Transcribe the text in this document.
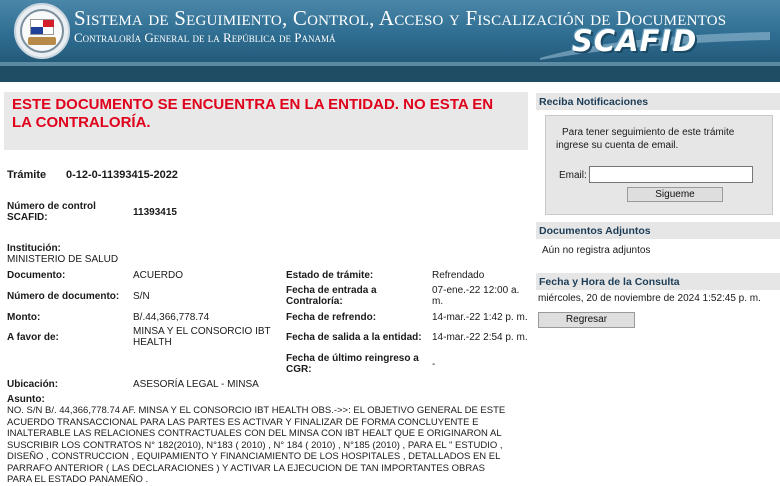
Sistema de Seguimiento, Control, Acceso y Fiscalización de Documentos
Contraloría General de la República de Panamá	SCAFID
ESTE DOCUMENTO SE ENCUENTRA EN LA ENTIDAD. NO ESTA EN LA CONTRALORÍA.
Trámite 0-12-0-11393415-2022
Número de control SCAFID:	11393415
Institución:
MINISTERIO DE SALUD
Documento:	ACUERDO
Número de documento: S/N
Monto:	B/.44,366,778.74
A favor de:
MINSA Y EL CONSORCIO IBT HEALTH
Estado de trámite:	Refrendado
Fecha de entrada a Contraloría:
07-ene.-22 12:00 a. m.
Fecha de refrendo:	14-mar.-22 1:42 p. m.
Fecha de salida a la entidad: 14-mar.-22 2:54 p. m.
Fecha de último reingreso a CGR:	-
Ubicación:	ASESORÍA LEGAL - MINSA
Asunto:
NO. S/N B/. 44,366,778.74 AF. MINSA Y EL CONSORCIO IBT HEALTH OBS.->>: EL OBJETIVO GENERAL DE ESTE ACUERDO TRANSACCIONAL PARA LAS PARTES ES ACTIVAR Y FINALIZAR DE FORMA CONCLUYENTE E INALTERABLE LAS RELACIONES CONTRACTUALES CON DEL MINSA CON IBT HEALT QUE E ORIGINARON AL SUSCRIBIR LOS CONTRATOS N° 182(2010), N°183 ( 2010) , N° 184 ( 2010) , N°185 (2010) , PARA EL " ESTUDIO , DISEÑO , CONSTRUCCION , EQUIPAMIENTO Y FINANCIAMIENTO DE LOS HOSPITALES , DETALLADOS EN EL PARRAFO ANTERIOR ( LAS DECLARACIONES ) Y ACTIVAR LA EJECUCION DE TAN IMPORTANTES OBRAS PARA EL ESTADO PANAMEÑO .
Reciba Notificaciones
Para tener seguimiento de este trámite ingrese su cuenta de email.
Email:
Sigueme
Documentos Adjuntos
Aún no registra adjuntos
Fecha y Hora de la Consulta
miércoles, 20 de noviembre de 2024 1:52:45 p. m.
Regresar
